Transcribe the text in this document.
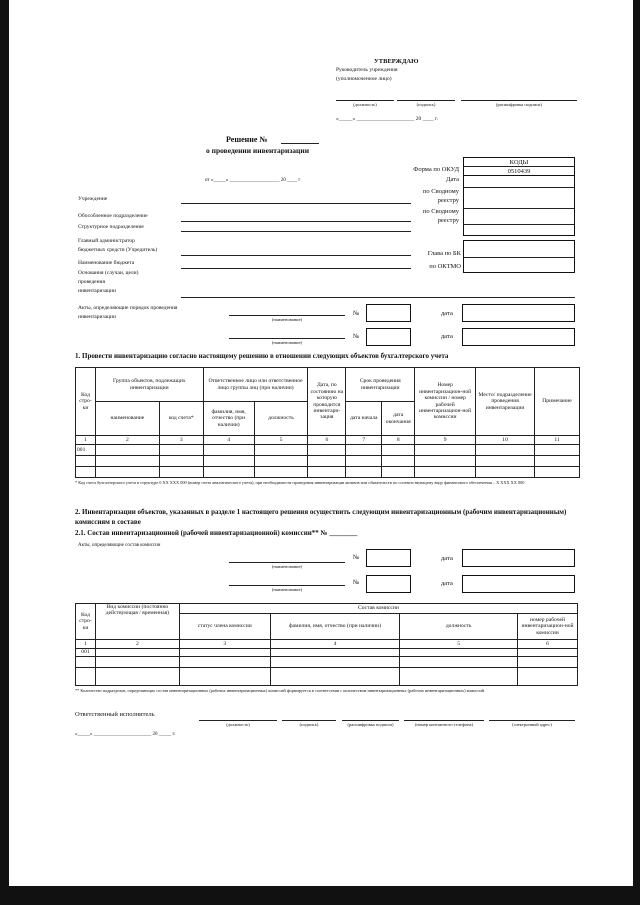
УТВЕРЖДАЮ
Руководитель учреждения
(уполномоченное лицо)
(должность)	(подпись)	(расшифровка подписи)
«_____» _____________________ 20 ____ г.
Решение №
о проведении инвентаризации
от «_____» ____________________ 20 ____ г
КОДЫ
0510439
Форма по ОКУД
Дата
по Сводному реестру
по Сводному реестру
Глава по БК
по ОКТМО
Учреждение
Обособленное подразделение
Структурное подразделение
Главный администратор
бюджетных средств (Учредитель)
Наименование бюджета
Основания (случаи, цели)
проведения
инвентаризации
Акты, определяющие порядок проведения
инвентаризации	(наименование)
№	дата
(наименование)
№	дата
1. Провести инвентаризацию согласно настоящему решению в отношении следующих объектов бухгалтерского учета
Код стро-ки	Группа объектов, подлежащих инвентаризации		Ответственное лицо или ответственное лицо группы лиц (при наличии)		Дата, по состоянию на которую проводится инвентари-зация	Срок проведения инвентаризации		Номер инвентаризацион-ной комиссии / номер рабочей инвентаризацион-ной комиссии	Место/ подразделение проведения инвентаризации	Примечание
	наименование	код счета*	фамилия, имя, отчество (при наличии)	должность		дата начала	дата окончания			
1	2	3	4	5	6	7	8	9	10	11
001										

* Код счета бухгалтерского учета в структуре 0 XX XXX 000 (номер счета аналитического учета), при необходимости проведения инвентаризации активов или обязательств по соответствующему виду финансового обеспечения – X XXX XX 000
2. Инвентаризации объектов, указанных в разделе 1 настоящего решения осуществить следующим инвентаризационным (рабочим инвентаризационным) комиссиям в составе
2.1. Состав инвентаризационной (рабочей инвентаризационной) комиссии** № ________
Акты, определяющие состав комиссии
(наименование)
№	дата
(наименование)
№	дата
Код стро-ки	Вид комиссии (постоянно действующая / временная)	Состав комиссии			
		статус члена комиссии	фамилия, имя, отчество (при наличии)	должность	номер рабочей инвентаризацион-ной комиссии
1	2	3	4	5	6
001					

** Количество подразделов, определяющих состав инвентаризационных (рабочих инвентаризационных) комиссий формируется в соответствии с количеством инвентаризационных (рабочих инвентаризационных) комиссий
Ответственный исполнитель
(должность)	(подпись)	(расшифровка подписи)	(номер контактного телефона)	(электронный адрес)
«_____» _______________________ 20 _____ г.
